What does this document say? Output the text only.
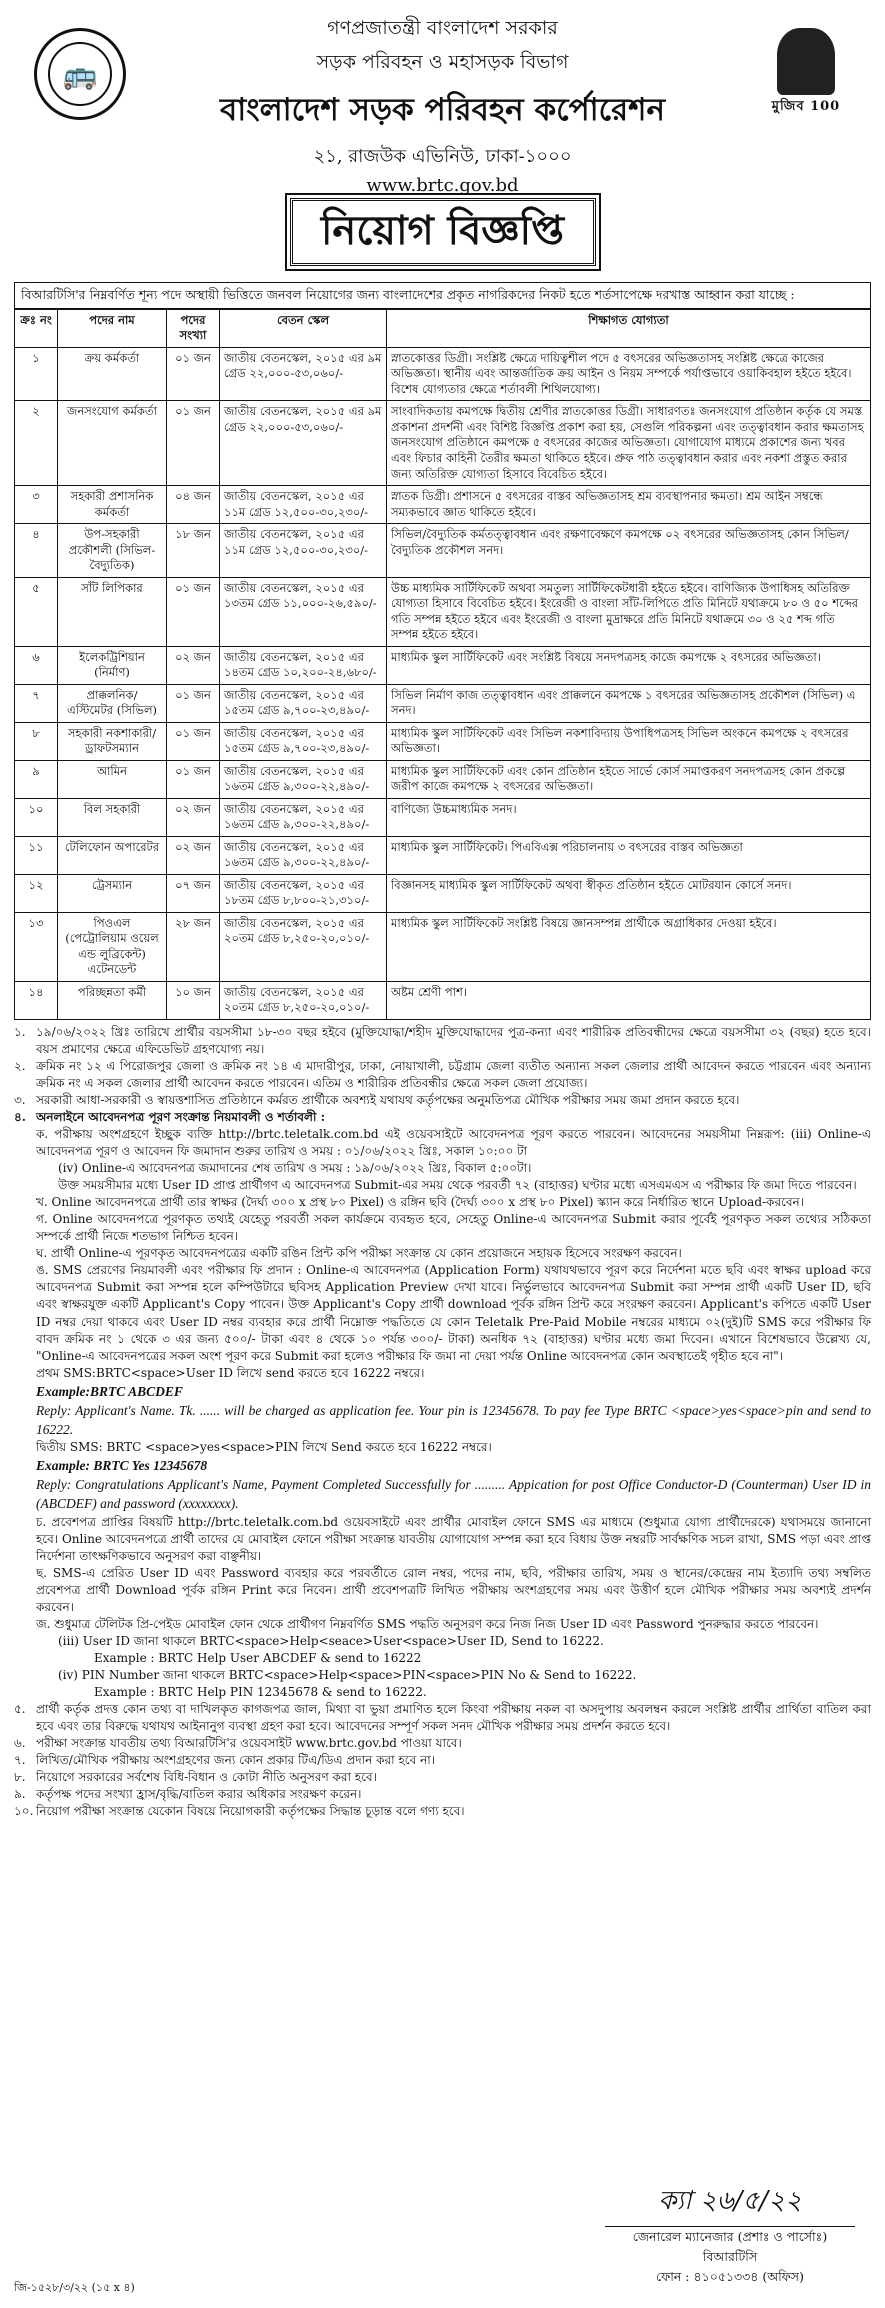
🚌
মুজিব 100
গণপ্রজাতন্ত্রী বাংলাদেশ সরকার
সড়ক পরিবহন ও মহাসড়ক বিভাগ
বাংলাদেশ সড়ক পরিবহন কর্পোরেশন
২১, রাজউক এভিনিউ, ঢাকা-১০০০
www.brtc.gov.bd
নিয়োগ বিজ্ঞপ্তি
বিআরটিসি'র নিম্নবর্ণিত শূন্য পদে অস্থায়ী ভিত্তিতে জনবল নিয়োগের জন্য বাংলাদেশের প্রকৃত নাগরিকদের নিকট হতে শর্তসাপেক্ষে দরখাস্ত আহ্বান করা যাচ্ছে :
ক্রঃ নং	পদের নাম	পদের সংখ্যা	বেতন স্কেল	শিক্ষাগত যোগ্যতা
১	ক্রয় কর্মকর্তা	০১ জন	জাতীয় বেতনস্কেল, ২০১৫ এর ৯ম গ্রেড ২২,০০০-৫৩,০৬০/-	স্নাতকোত্তর ডিগ্রী। সংশ্লিষ্ট ক্ষেত্রে দায়িত্বশীল পদে ৫ বৎসরের অভিজ্ঞতাসহ সংশ্লিষ্ট ক্ষেত্রে কাজের অভিজ্ঞতা। স্থানীয় এবং আন্তর্জাতিক ক্রয় আইন ও নিয়ম সম্পর্কে পর্যাপ্তভাবে ওয়াকিবহাল হইতে হইবে। বিশেষ যোগ্যতার ক্ষেত্রে শর্তাবলী শিথিলযোগ্য।
২	জনসংযোগ কর্মকর্তা	০১ জন	জাতীয় বেতনস্কেল, ২০১৫ এর ৯ম গ্রেড ২২,০০০-৫৩,০৬০/-	সাংবাদিকতায় কমপক্ষে দ্বিতীয় শ্রেণীর স্নাতকোত্তর ডিগ্রী। সাধারণতঃ জনসংযোগ প্রতিষ্ঠান কর্তৃক যে সমস্ত প্রকাশনা প্রদর্শনী এবং বিশিষ্ট বিজ্ঞপ্তি প্রকাশ করা হয়, সেগুলি পরিকল্পনা এবং তত্ত্বাবধান করার ক্ষমতাসহ জনসংযোগ প্রতিষ্ঠানে কমপক্ষে ৫ বৎসরের কাজের অভিজ্ঞতা। যোগাযোগ মাধ্যমে প্রকাশের জন্য খবর এবং ফিচার কাহিনী তৈরীর ক্ষমতা থাকিতে হইবে। প্রুফ পাঠ তত্ত্বাবধান করার এবং নকশা প্রস্তুত করার জন্য অতিরিক্ত যোগ্যতা হিসাবে বিবেচিত হইবে।
৩	সহকারী প্রশাসনিক কর্মকর্তা	০৪ জন	জাতীয় বেতনস্কেল, ২০১৫ এর ১১ম গ্রেড ১২,৫০০-৩০,২৩০/-	স্নাতক ডিগ্রী। প্রশাসনে ৫ বৎসরের বাস্তব অভিজ্ঞতাসহ শ্রম ব্যবস্থাপনার ক্ষমতা। শ্রম আইন সম্বন্ধে সম্যকভাবে জ্ঞাত থাকিতে হইবে।
৪	উপ-সহকারী প্রকৌশলী (সিভিল-বৈদ্যুতিক)	১৮ জন	জাতীয় বেতনস্কেল, ২০১৫ এর ১১ম গ্রেড ১২,৫০০-৩০,২৩০/-	সিভিল/বৈদ্যুতিক কর্মতত্ত্বাবধান এবং রক্ষণাবেক্ষণে কমপক্ষে ০২ বৎসরের অভিজ্ঞতাসহ কোন সিভিল/বৈদ্যুতিক প্রকৌশল সনদ।
৫	সাঁট লিপিকার	০১ জন	জাতীয় বেতনস্কেল, ২০১৫ এর ১৩তম গ্রেড ১১,০০০-২৬,৫৯০/-	উচ্চ মাধ্যমিক সার্টিফিকেট অথবা সমতুল্য সার্টিফিকেটধারী হইতে হইবে। বাণিজ্যিক উপাধিসহ অতিরিক্ত যোগ্যতা হিসাবে বিবেচিত হইবে। ইংরেজী ও বাংলা সাঁট-লিপিতে প্রতি মিনিটে যথাক্রমে ৮০ ও ৫০ শব্দের গতি সম্পন্ন হইতে হইবে এবং ইংরেজী ও বাংলা মুদ্রাক্ষরে প্রতি মিনিটে যথাক্রমে ৩০ ও ২৫ শব্দ গতি সম্পন্ন হইতে হইবে।
৬	ইলেকট্রিশিয়ান (নির্মাণ)	০২ জন	জাতীয় বেতনস্কেল, ২০১৫ এর ১৪তম গ্রেড ১০,২০০-২৪,৬৮০/-	মাধ্যমিক স্কুল সার্টিফিকেট এবং সংশ্লিষ্ট বিষয়ে সনদপত্রসহ কাজে কমপক্ষে ২ বৎসরের অভিজ্ঞতা।
৭	প্রাক্কলনিক/ এস্টিমেটর (সিভিল)	০১ জন	জাতীয় বেতনস্কেল, ২০১৫ এর ১৫তম গ্রেড ৯,৭০০-২৩,৪৯০/-	সিভিল নির্মাণ কাজ তত্ত্বাবধান এবং প্রাক্কলনে কমপক্ষে ১ বৎসরের অভিজ্ঞতাসহ প্রকৌশল (সিভিল) এ সনদ।
৮	সহকারী নকশাকারী/ ড্রাফটসম্যান	০১ জন	জাতীয় বেতনস্কেল, ২০১৫ এর ১৫তম গ্রেড ৯,৭০০-২৩,৪৯০/-	মাধ্যমিক স্কুল সার্টিফিকেট এবং সিভিল নকশাবিদ্যায় উপাধিপত্রসহ সিভিল অংকনে কমপক্ষে ২ বৎসরের অভিজ্ঞতা।
৯	আমিন	০১ জন	জাতীয় বেতনস্কেল, ২০১৫ এর ১৬তম গ্রেড ৯,৩০০-২২,৪৯০/-	মাধ্যমিক স্কুল সার্টিফিকেট এবং কোন প্রতিষ্ঠান হইতে সার্ভে কোর্স সমাপ্তকরণ সনদপত্রসহ কোন প্রকল্পে জরীপ কাজে কমপক্ষে ২ বৎসরের অভিজ্ঞতা।
১০	বিল সহকারী	০২ জন	জাতীয় বেতনস্কেল, ২০১৫ এর ১৬তম গ্রেড ৯,৩০০-২২,৪৯০/-	বাণিজ্যে উচ্চমাধ্যমিক সনদ।
১১	টেলিফোন অপারেটর	০২ জন	জাতীয় বেতনস্কেল, ২০১৫ এর ১৬তম গ্রেড ৯,৩০০-২২,৪৯০/-	মাধ্যমিক স্কুল সার্টিফিকেট। পিএবিএক্স পরিচালনায় ৩ বৎসরের বাস্তব অভিজ্ঞতা
১২	ট্রেসম্যান	০৭ জন	জাতীয় বেতনস্কেল, ২০১৫ এর ১৮তম গ্রেড ৮,৮০০-২১,৩১০/-	বিজ্ঞানসহ মাধ্যমিক স্কুল সার্টিফিকেট অথবা স্বীকৃত প্রতিষ্ঠান হইতে মোটরযান কোর্সে সনদ।
১৩	পিওএল (পেট্রোলিয়াম ওয়েল এন্ড লুব্রিকেন্ট) এটেনডেন্ট	২৮ জন	জাতীয় বেতনস্কেল, ২০১৫ এর ২০তম গ্রেড ৮,২৫০-২০,০১০/-	মাধ্যমিক স্কুল সার্টিফিকেট সংশ্লিষ্ট বিষয়ে জ্ঞানসম্পন্ন প্রার্থীকে অগ্রাধিকার দেওয়া হইবে।
১৪	পরিচ্ছন্নতা কর্মী	১০ জন	জাতীয় বেতনস্কেল, ২০১৫ এর ২০তম গ্রেড ৮,২৫০-২০,০১০/-	অষ্টম শ্রেণী পাশ।
১. ১৯/০৬/২০২২ খ্রিঃ তারিখে প্রার্থীর বয়সসীমা ১৮-৩০ বছর হইবে (মুক্তিযোদ্ধা/শহীদ মুক্তিযোদ্ধাদের পুত্র-কন্যা এবং শারীরিক প্রতিবন্ধীদের ক্ষেত্রে বয়সসীমা ৩২ (বছর) হতে হবে। বয়স প্রমাণের ক্ষেত্রে এফিডেভিট গ্রহণযোগ্য নয়।
২. ক্রমিক নং ১২ এ পিরোজপুর জেলা ও ক্রমিক নং ১৪ এ মাদারীপুর, ঢাকা, নোয়াখালী, চট্টগ্রাম জেলা ব্যতীত অন্যান্য সকল জেলার প্রার্থী আবেদন করতে পারবেন এবং অন্যান্য ক্রমিক নং এ সকল জেলার প্রার্থী আবেদন করতে পারবেন। এতিম ও শারীরিক প্রতিবন্ধীর ক্ষেত্রে সকল জেলা প্রযোজ্য।
৩. সরকারী আধা-সরকারী ও স্বায়ত্তশাসিত প্রতিষ্ঠানে কর্মরত প্রার্থীকে অবশ্যই যথাযথ কর্তৃপক্ষের অনুমতিপত্র মৌখিক পরীক্ষার সময় জমা প্রদান করতে হবে।
৪. অনলাইনে আবেদনপত্র পূরণ সংক্রান্ত নিয়মাবলী ও শর্তাবলী :
ক. পরীক্ষায় অংশগ্রহণে ইচ্ছুক ব্যক্তি http://brtc.teletalk.com.bd এই ওয়েবসাইটে আবেদনপত্র পূরণ করতে পারবেন। আবেদনের সময়সীমা নিম্নরূপ: (iii) Online-এ আবেদনপত্র পূরণ ও আবেদন ফি জমাদান শুরুর তারিখ ও সময় : ০১/০৬/২০২২ খ্রিঃ, সকাল ১০:০০ টা
(iv) Online-এ আবেদনপত্র জমাদানের শেষ তারিখ ও সময় : ১৯/০৬/২০২২ খ্রিঃ, বিকাল ৫:০০টা।
উক্ত সময়সীমার মধ্যে User ID প্রাপ্ত প্রার্থীগণ এ আবেদনপত্র Submit-এর সময় থেকে পরবর্তী ৭২ (বাহাত্তর) ঘণ্টার মধ্যে এসএমএস এ পরীক্ষার ফি জমা দিতে পারবেন।
খ. Online আবেদনপত্রে প্রার্থী তার স্বাক্ষর (দৈর্ঘ্য ৩০০ x প্রস্থ ৮০ Pixel) ও রঙ্গিন ছবি (দৈর্ঘ্য ৩০০ x প্রস্থ ৮০ Pixel) স্ক্যান করে নির্ধারিত স্থানে Upload-করবেন।
গ. Online আবেদনপত্রে পূরণকৃত তথ্যই যেহেতু পরবর্তী সকল কার্যক্রমে ব্যবহৃত হবে, সেহেতু Online-এ আবেদনপত্র Submit করার পূর্বেই পূরণকৃত সকল তথ্যের সঠিকতা সম্পর্কে প্রার্থী নিজে শতভাগ নিশ্চিত হবেন।
ঘ. প্রার্থী Online-এ পূরণকৃত আবেদনপত্রের একটি রঙিন প্রিন্ট কপি পরীক্ষা সংক্রান্ত যে কোন প্রয়োজনে সহায়ক হিসেবে সংরক্ষণ করবেন।
ঙ. SMS প্রেরণের নিয়মাবলী এবং পরীক্ষার ফি প্রদান : Online-এ আবেদনপত্র (Application Form) যথাযথভাবে পূরণ করে নির্দেশনা মতে ছবি এবং স্বাক্ষর upload করে আবেদনপত্র Submit করা সম্পন্ন হলে কম্পিউটারে ছবিসহ Application Preview দেখা যাবে। নির্ভুলভাবে আবেদনপত্র Submit করা সম্পন্ন প্রার্থী একটি User ID, ছবি এবং স্বাক্ষরযুক্ত একটি Applicant's Copy পাবেন। উক্ত Applicant's Copy প্রার্থী download পূর্বক রঙ্গিন প্রিন্ট করে সংরক্ষণ করবেন। Applicant's কপিতে একটি User ID নম্বর দেয়া থাকবে এবং User ID নম্বর ব্যবহার করে প্রার্থী নিম্নোক্ত পদ্ধতিতে যে কোন Teletalk Pre-Paid Mobile নম্বরের মাধ্যমে ০২(দুই)টি SMS করে পরীক্ষার ফি বাবদ ক্রমিক নং ১ থেকে ৩ এর জন্য ৫০০/- টাকা এবং ৪ থেকে ১০ পর্যন্ত ৩০০/- টাকা) অনধিক ৭২ (বাহাত্তর) ঘণ্টার মধ্যে জমা দিবেন। এখানে বিশেষভাবে উল্লেখ্য যে, "Online-এ আবেদনপত্রের সকল অংশ পূরণ করে Submit করা হলেও পরীক্ষার ফি জমা না দেয়া পর্যন্ত Online আবেদনপত্র কোন অবস্থাতেই গৃহীত হবে না"।
প্রথম SMS:BRTC<space>User ID লিখে send করতে হবে 16222 নম্বরে।
Example:BRTC ABCDEF
Reply: Applicant's Name. Tk. ...... will be charged as application fee. Your pin is 12345678. To pay fee Type BRTC <space>yes<space>pin and send to 16222.
দ্বিতীয় SMS: BRTC <space>yes<space>PIN লিখে Send করতে হবে 16222 নম্বরে।
Example: BRTC Yes 12345678
Reply: Congratulations Applicant's Name, Payment Completed Successfully for ......... Appication for post Office Conductor-D (Counterman) User ID in (ABCDEF) and password (xxxxxxxx).
চ. প্রবেশপত্র প্রাপ্তির বিষয়টি http://brtc.teletalk.com.bd ওয়েবসাইটে এবং প্রার্থীর মোবাইল ফোনে SMS এর মাধ্যমে (শুধুমাত্র যোগ্য প্রার্থীদেরকে) যথাসময়ে জানানো হবে। Online আবেদনপত্রে প্রার্থী তাদের যে মোবাইল ফোনে পরীক্ষা সংক্রান্ত যাবতীয় যোগাযোগ সম্পন্ন করা হবে বিধায় উক্ত নম্বরটি সার্বক্ষণিক সচল রাখা, SMS পড়া এবং প্রাপ্ত নির্দেশনা তাৎক্ষণিকভাবে অনুসরণ করা বাঞ্ছনীয়।
ছ. SMS-এ প্রেরিত User ID এবং Password ব্যবহার করে পরবর্তীতে রোল নম্বর, পদের নাম, ছবি, পরীক্ষার তারিখ, সময় ও স্থানের/কেন্দ্রের নাম ইত্যাদি তথ্য সম্বলিত প্রবেশপত্র প্রার্থী Download পূর্বক রঙ্গিন Print করে নিবেন। প্রার্থী প্রবেশপত্রটি লিখিত পরীক্ষায় অংশগ্রহণের সময় এবং উত্তীর্ণ হলে মৌখিক পরীক্ষার সময় অবশ্যই প্রদর্শন করবেন।
জ. শুধুমাত্র টেলিটক প্রি-পেইড মোবাইল ফোন থেকে প্রার্থীগণ নিম্নবর্ণিত SMS পদ্ধতি অনুসরণ করে নিজ নিজ User ID এবং Password পুনরুদ্ধার করতে পারবেন।
(iii) User ID জানা থাকলে BRTC<space>Help<seace>User<space>User ID, Send to 16222.
Example : BRTC Help User ABCDEF & send to 16222
(iv) PIN Number জানা থাকলে BRTC<space>Help<space>PIN<space>PIN No & Send to 16222.
Example : BRTC Help PIN 12345678 & send to 16222.
৫. প্রার্থী কর্তৃক প্রদত্ত কোন তথ্য বা দাখিলকৃত কাগজপত্র জাল, মিথ্যা বা ভুয়া প্রমাণিত হলে কিংবা পরীক্ষায় নকল বা অসদুপায় অবলম্বন করলে সংশ্লিষ্ট প্রার্থীর প্রার্থিতা বাতিল করা হবে এবং তার বিরুদ্ধে যথাযথ আইনানুগ ব্যবস্থা গ্রহণ করা হবে। আবেদনের সম্পূর্ণ সকল সনদ মৌখিক পরীক্ষার সময় প্রদর্শন করতে হবে।
৬. পরীক্ষা সংক্রান্ত যাবতীয় তথ্য বিআরটিসি'র ওয়েবসাইট www.brtc.gov.bd পাওয়া যাবে।
৭. লিখিত/মৌখিক পরীক্ষায় অংশগ্রহণের জন্য কোন প্রকার টিএ/ডিএ প্রদান করা হবে না।
৮. নিয়োগে সরকারের সর্বশেষ বিধি-বিধান ও কোটা নীতি অনুসরণ করা হবে।
৯. কর্তৃপক্ষ পদের সংখ্যা হ্রাস/বৃদ্ধি/বাতিল করার অধিকার সংরক্ষণ করেন।
১০. নিয়োগ পরীক্ষা সংক্রান্ত যেকোন বিষয়ে নিয়োগকারী কর্তৃপক্ষের সিদ্ধান্ত চূড়ান্ত বলে গণ্য হবে।
ক্যা ২৬/৫/২২
জেনারেল ম্যানেজার (প্রশাঃ ও পার্সোঃ)
বিআরটিসি
ফোন : ৪১০৫১৩৩৪ (অফিস)
জি-১৫২৮/৩/২২ (১৫ x ৪)
